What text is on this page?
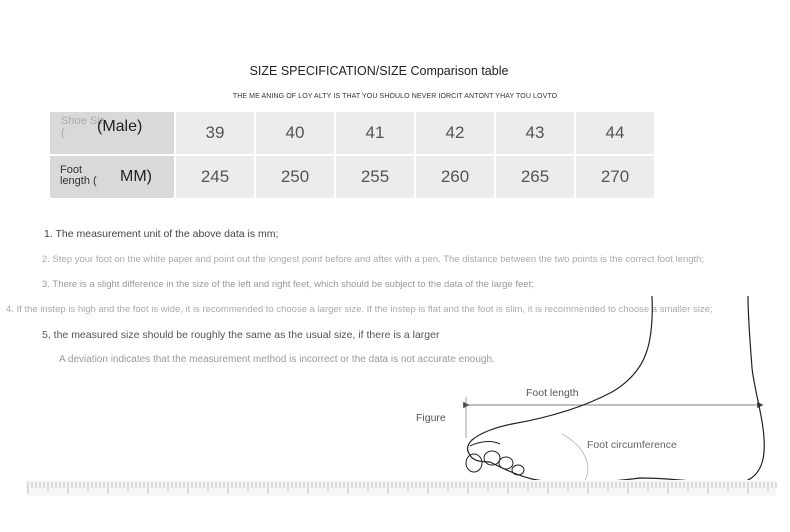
SIZE SPECIFICATION/SIZE Comparison table
THE ME ANING OF LOY ALTY IS THAT YOU SHOULO NEVER IORCIT ANTONT YHAY TOU LOVTO
Shoe Siz
( (Male)	39	40	41	42	43	44
Foot
length ( MM)	245	250	255	260	265	270

1. The measurement unit of the above data is mm;

2. Step your foot on the white paper and point out the longest point before and after with a pen. The distance between the two points is the correct foot length;

3. There is a slight difference in the size of the left and right feet, which should be subject to the data of the large feet;

4. If the instep is high and the foot is wide, it is recommended to choose a larger size. If the instep is flat and the foot is slim, it is recommended to choose a smaller size;

5, the measured size should be roughly the same as the usual size, if there is a larger

A deviation indicates that the measurement method is incorrect or the data is not accurate enough.

Foot length
Figure
Foot circumference
